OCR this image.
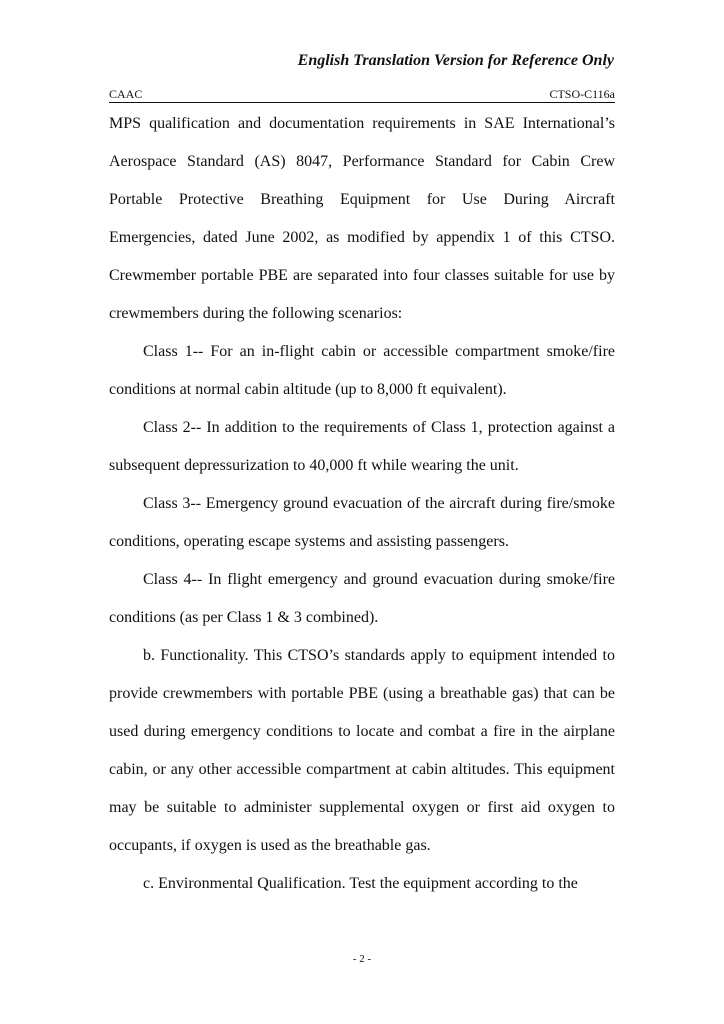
English Translation Version for Reference Only
CAAC	CTSO-C116a

MPS qualification and documentation requirements in SAE International’s Aerospace Standard (AS) 8047, Performance Standard for Cabin Crew Portable Protective Breathing Equipment for Use During Aircraft Emergencies, dated June 2002, as modified by appendix 1 of this CTSO. Crewmember portable PBE are separated into four classes suitable for use by crewmembers during the following scenarios:

Class 1-- For an in-flight cabin or accessible compartment smoke/fire conditions at normal cabin altitude (up to 8,000 ft equivalent).

Class 2-- In addition to the requirements of Class 1, protection against a subsequent depressurization to 40,000 ft while wearing the unit.

Class 3-- Emergency ground evacuation of the aircraft during fire/smoke conditions, operating escape systems and assisting passengers.

Class 4-- In flight emergency and ground evacuation during smoke/fire conditions (as per Class 1 & 3 combined).

b. Functionality. This CTSO’s standards apply to equipment intended to provide crewmembers with portable PBE (using a breathable gas) that can be used during emergency conditions to locate and combat a fire in the airplane cabin, or any other accessible compartment at cabin altitudes. This equipment may be suitable to administer supplemental oxygen or first aid oxygen to occupants, if oxygen is used as the breathable gas.

c. Environmental Qualification. Test the equipment according to the

- 2 -
